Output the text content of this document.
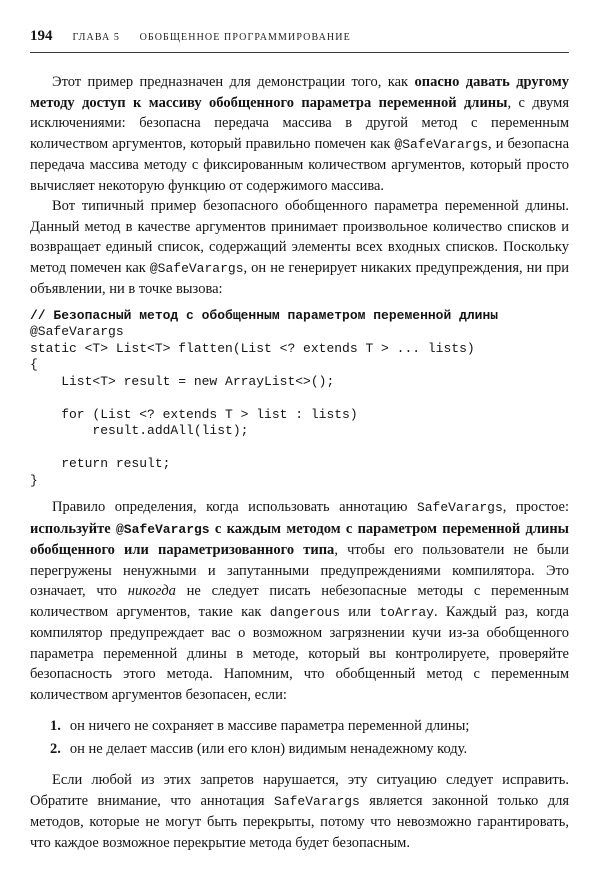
194 ГЛАВА 5 ОБОБЩЕННОЕ ПРОГРАММИРОВАНИЕ

Этот пример предназначен для демонстрации того, как опасно давать другому методу доступ к массиву обобщенного параметра переменной длины, с двумя исключениями: безопасна передача массива в другой метод с переменным количеством аргументов, который правильно помечен как @SafeVarargs, и безопасна передача массива методу с фиксированным количеством аргументов, который просто вычисляет некоторую функцию от содержимого массива.

Вот типичный пример безопасного обобщенного параметра переменной длины. Данный метод в качестве аргументов принимает произвольное количество списков и возвращает единый список, содержащий элементы всех входных списков. Поскольку метод помечен как @SafeVarargs, он не генерирует никаких предупреждения, ни при объявлении, ни в точке вызова:

// Безопасный метод с обобщенным параметром переменной длины
@SafeVarargs
static <T> List<T> flatten(List <? extends T > ... lists)
{
List<T> result = new ArrayList<>();

for (List <? extends T > list : lists)
result.addAll(list);

return result;
}

Правило определения, когда использовать аннотацию SafeVarargs, простое: используйте @SafeVarargs с каждым методом с параметром переменной длины обобщенного или параметризованного типа, чтобы его пользователи не были перегружены ненужными и запутанными предупреждениями компилятора. Это означает, что никогда не следует писать небезопасные методы с переменным количеством аргументов, такие как dangerous или toArray. Каждый раз, когда компилятор предупреждает вас о возможном загрязнении кучи из-за обобщенного параметра переменной длины в методе, который вы контролируете, проверяйте безопасность этого метода. Напомним, что обобщенный метод с переменным количеством аргументов безопасен, если:

1. он ничего не сохраняет в массиве параметра переменной длины;
2. он не делает массив (или его клон) видимым ненадежному коду.

Если любой из этих запретов нарушается, эту ситуацию следует исправить. Обратите внимание, что аннотация SafeVarargs является законной только для методов, которые не могут быть перекрыты, потому что невозможно гарантировать, что каждое возможное перекрытие метода будет безопасным.
